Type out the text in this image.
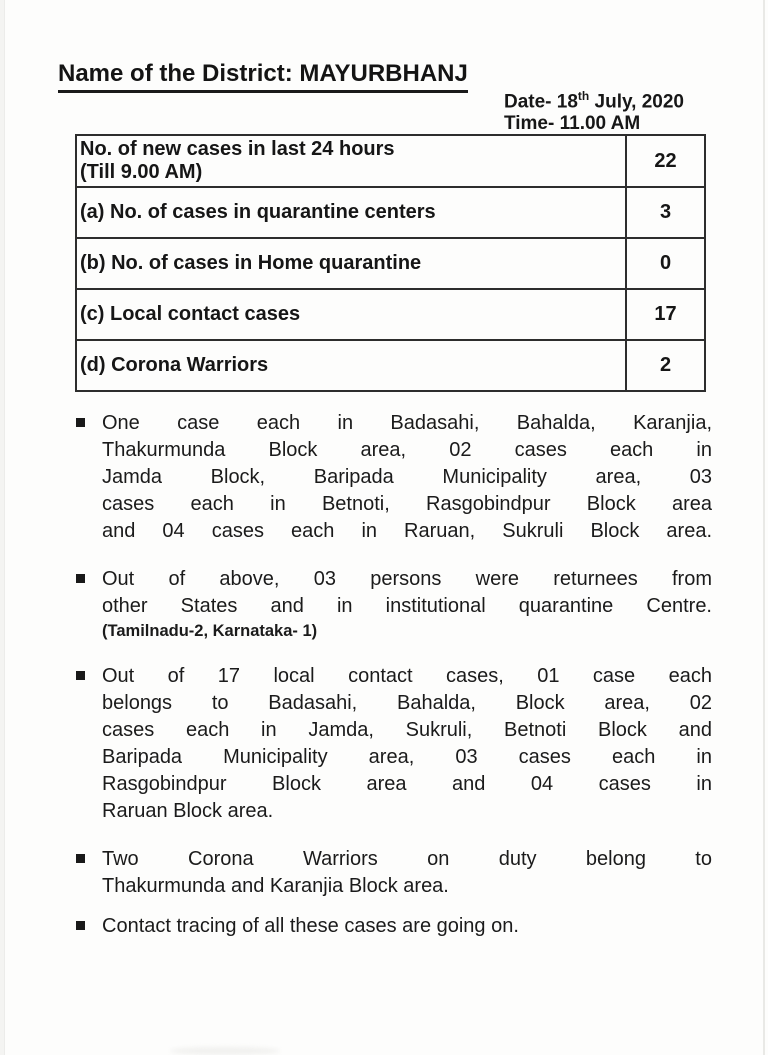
Name of the District: MAYURBHANJ
Date- 18th July, 2020
Time- 11.00 AM
No. of new cases in last 24 hours
(Till 9.00 AM)	22

(a) No. of cases in quarantine centers	3

(b) No. of cases in Home quarantine	0

(c) Local contact cases	17

(d) Corona Warriors	2
One case each in Badasahi, Bahalda, Karanjia,
Thakurmunda Block area, 02 cases each in
Jamda Block, Baripada Municipality area, 03
cases each in Betnoti, Rasgobindpur Block area
and 04 cases each in Raruan, Sukruli Block area.
Out of above, 03 persons were returnees from
other States and in institutional quarantine Centre.
(Tamilnadu-2, Karnataka- 1)
Out of 17 local contact cases, 01 case each
belongs to Badasahi, Bahalda, Block area, 02
cases each in Jamda, Sukruli, Betnoti Block and
Baripada Municipality area, 03 cases each in
Rasgobindpur Block area and 04 cases in
Raruan Block area.
Two Corona Warriors on duty belong to
Thakurmunda and Karanjia Block area.
Contact tracing of all these cases are going on.
